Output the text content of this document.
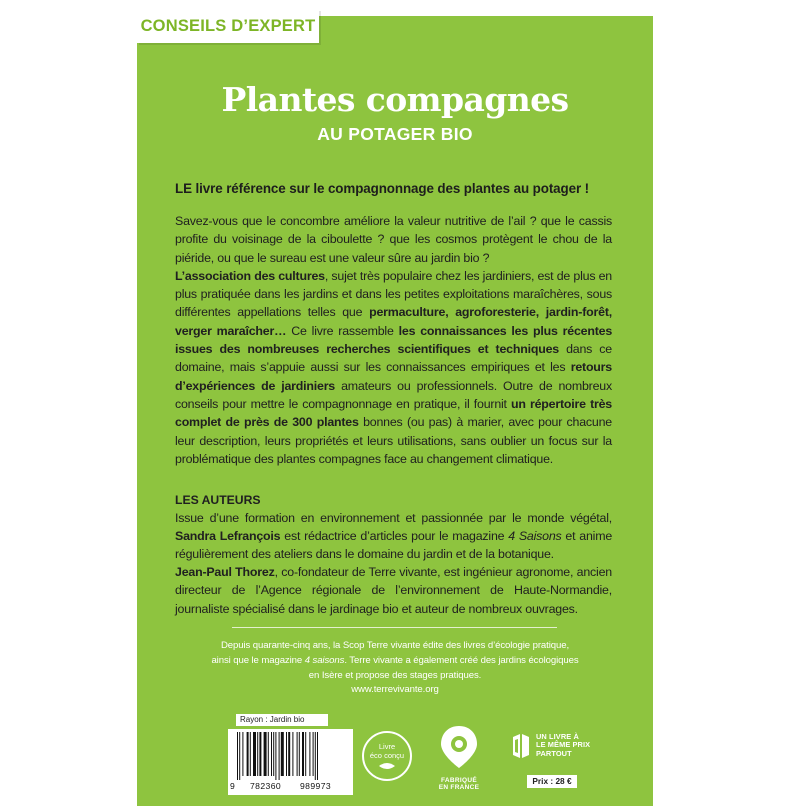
CONSEILS D’EXPERT
Plantes compagnes
AU POTAGER BIO
LE livre référence sur le compagnonnage des plantes au potager !
Savez-vous que le concombre améliore la valeur nutritive de l’ail ? que le cassis profite du voisinage de la ciboulette ? que les cosmos protègent le chou de la piéride, ou que le sureau est une valeur sûre au jardin bio ?
L’association des cultures, sujet très populaire chez les jardiniers, est de plus en plus pratiquée dans les jardins et dans les petites exploitations maraîchères, sous différentes appellations telles que permaculture, agroforesterie, jardin-forêt, verger maraîcher… Ce livre rassemble les connaissances les plus récentes issues des nombreuses recherches scientifiques et techniques dans ce domaine, mais s’appuie aussi sur les connaissances empiriques et les retours d’expériences de jardiniers amateurs ou professionnels. Outre de nombreux conseils pour mettre le compagnonnage en pratique, il fournit un répertoire très complet de près de 300 plantes bonnes (ou pas) à marier, avec pour chacune leur description, leurs propriétés et leurs utilisations, sans oublier un focus sur la problématique des plantes compagnes face au changement climatique.
LES AUTEURS
Issue d’une formation en environnement et passionnée par le monde végétal, Sandra Lefrançois est rédactrice d’articles pour le magazine 4 Saisons et anime régulièrement des ateliers dans le domaine du jardin et de la botanique.
Jean-Paul Thorez, co-fondateur de Terre vivante, est ingénieur agronome, ancien directeur de l’Agence régionale de l’environnement de Haute-Normandie, journaliste spécialisé dans le jardinage bio et auteur de nombreux ouvrages.
Depuis quarante-cinq ans, la Scop Terre vivante édite des livres d’écologie pratique,
ainsi que le magazine 4 saisons. Terre vivante a également créé des jardins écologiques
en Isère et propose des stages pratiques.
www.terrevivante.org
Rayon : Jardin bio
9 782360 989973
Livre
éco conçu
FABRIQUÉ
EN FRANCE
UN LIVRE À
LE MÊME PRIX
PARTOUT
Prix : 28 €
